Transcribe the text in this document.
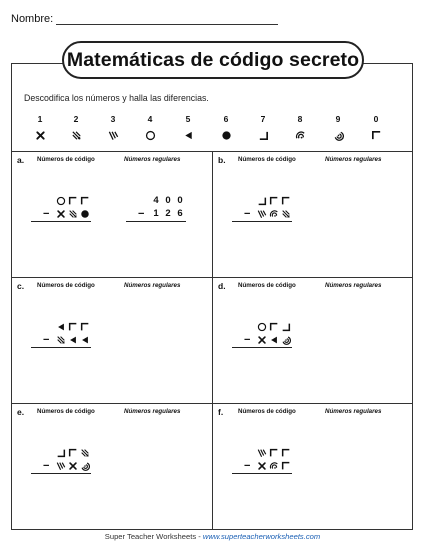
Nombre:
Matemáticas de código secreto
Descodifica los números y halla las diferencias.
1	2	3	4	5	6	7	8	9	0
a. Números de código	Números regulares
−
4 0 0
− 1 2 6
b. Números de código	Números regulares
−
c. Números de código	Números regulares
−
d. Números de código	Números regulares
−
e. Números de código	Números regulares
−
f. Números de código	Números regulares
−
Super Teacher Worksheets - www.superteacherworksheets.com
